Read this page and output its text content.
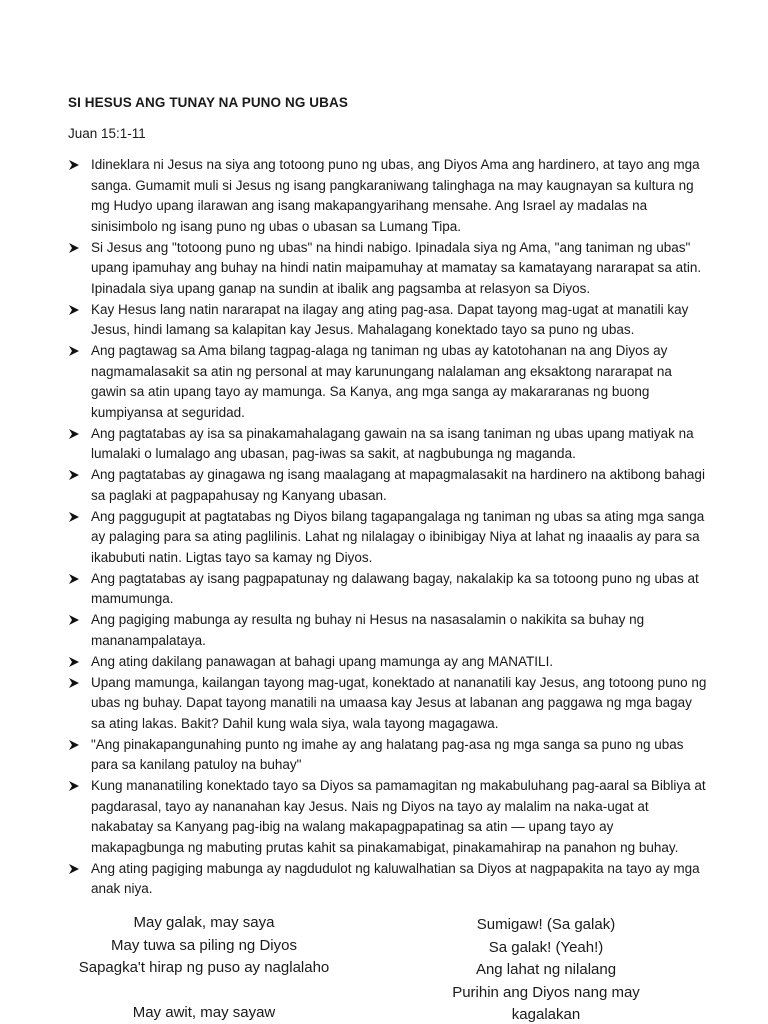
SI HESUS ANG TUNAY NA PUNO NG UBAS
Juan 15:1-11
Idineklara ni Jesus na siya ang totoong puno ng ubas, ang Diyos Ama ang hardinero, at tayo ang mga sanga. Gumamit muli si Jesus ng isang pangkaraniwang talinghaga na may kaugnayan sa kultura ng mg Hudyo upang ilarawan ang isang makapangyarihang mensahe. Ang Israel ay madalas na sinisimbolo ng isang puno ng ubas o ubasan sa Lumang Tipa.
Si Jesus ang "totoong puno ng ubas" na hindi nabigo. Ipinadala siya ng Ama, "ang taniman ng ubas" upang ipamuhay ang buhay na hindi natin maipamuhay at mamatay sa kamatayang nararapat sa atin. Ipinadala siya upang ganap na sundin at ibalik ang pagsamba at relasyon sa Diyos.
Kay Hesus lang natin nararapat na ilagay ang ating pag-asa. Dapat tayong mag-ugat at manatili kay Jesus, hindi lamang sa kalapitan kay Jesus. Mahalagang konektado tayo sa puno ng ubas.
Ang pagtawag sa Ama bilang tagpag-alaga ng taniman ng ubas ay katotohanan na ang Diyos ay nagmamalasakit sa atin ng personal at may karunungang nalalaman ang eksaktong nararapat na gawin sa atin upang tayo ay mamunga. Sa Kanya, ang mga sanga ay makararanas ng buong kumpiyansa at seguridad.
Ang pagtatabas ay isa sa pinakamahalagang gawain na sa isang taniman ng ubas upang matiyak na lumalaki o lumalago ang ubasan, pag-iwas sa sakit, at nagbubunga ng maganda.
Ang pagtatabas ay ginagawa ng isang maalagang at mapagmalasakit na hardinero na aktibong bahagi sa paglaki at pagpapahusay ng Kanyang ubasan.
Ang paggugupit at pagtatabas ng Diyos bilang tagapangalaga ng taniman ng ubas sa ating mga sanga ay palaging para sa ating paglilinis. Lahat ng nilalagay o ibinibigay Niya at lahat ng inaaalis ay para sa ikabubuti natin. Ligtas tayo sa kamay ng Diyos.
Ang pagtatabas ay isang pagpapatunay ng dalawang bagay, nakalakip ka sa totoong puno ng ubas at mamumunga.
Ang pagiging mabunga ay resulta ng buhay ni Hesus na nasasalamin o nakikita sa buhay ng mananampalataya.
Ang ating dakilang panawagan at bahagi upang mamunga ay ang MANATILI.
Upang mamunga, kailangan tayong mag-ugat, konektado at nananatili kay Jesus, ang totoong puno ng ubas ng buhay. Dapat tayong manatili na umaasa kay Jesus at labanan ang paggawa ng mga bagay sa ating lakas. Bakit? Dahil kung wala siya, wala tayong magagawa.
"Ang pinakapangunahing punto ng imahe ay ang halatang pag-asa ng mga sanga sa puno ng ubas para sa kanilang patuloy na buhay"
Kung mananatiling konektado tayo sa Diyos sa pamamagitan ng makabuluhang pag-aaral sa Bibliya at pagdarasal, tayo ay nananahan kay Jesus. Nais ng Diyos na tayo ay malalim na naka-ugat at nakabatay sa Kanyang pag-ibig na walang makapagpapatinag sa atin — upang tayo ay makapagbunga ng mabuting prutas kahit sa pinakamabigat, pinakamahirap na panahon ng buhay.
Ang ating pagiging mabunga ay nagdudulot ng kaluwalhatian sa Diyos at nagpapakita na tayo ay mga anak niya.
May galak, may saya
May tuwa sa piling ng Diyos
Sapagka't hirap ng puso ay naglalaho
May awit, may sayaw
Sumigaw! (Sa galak)
Sa galak! (Yeah!)
Ang lahat ng nilalang
Purihin ang Diyos nang may
kagalakan
